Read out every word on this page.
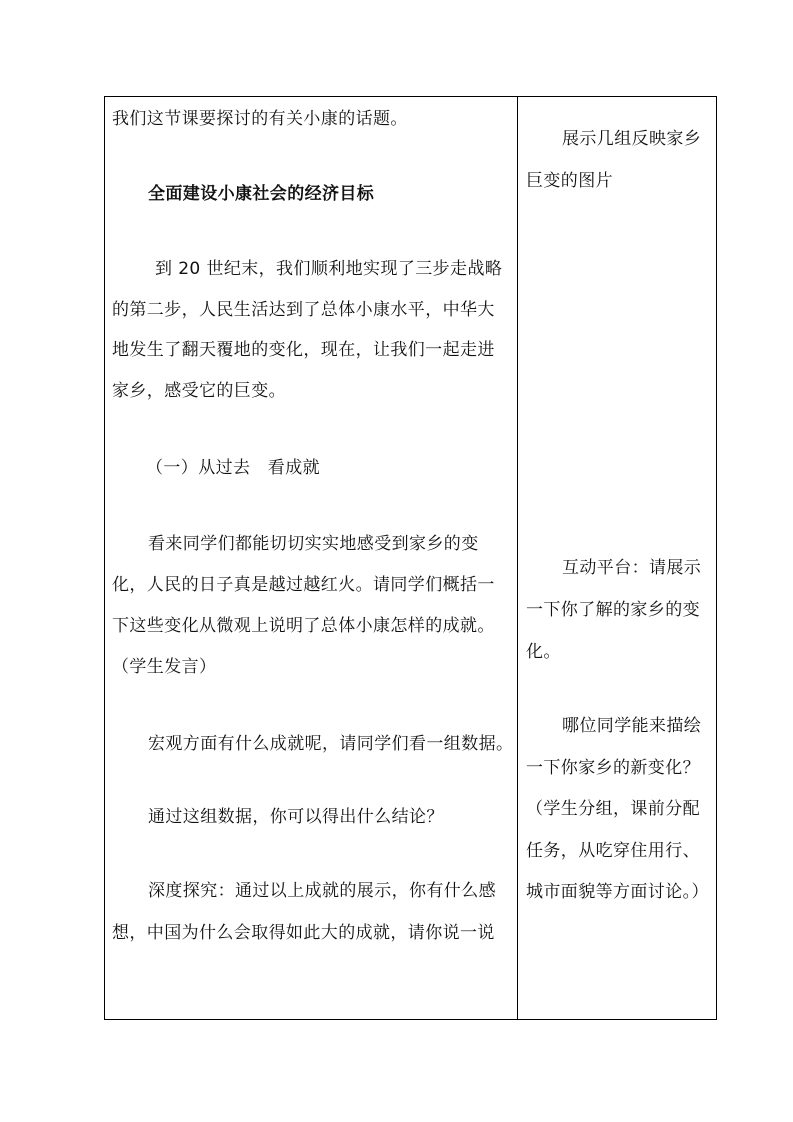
我们这节课要探讨的有关小康的话题。
全面建设小康社会的经济目标
到 20 世纪末，我们顺利地实现了三步走战略
的第二步，人民生活达到了总体小康水平，中华大
地发生了翻天覆地的变化，现在，让我们一起走进
家乡，感受它的巨变。
（一）从过去　看成就
看来同学们都能切切实实地感受到家乡的变
化，人民的日子真是越过越红火。请同学们概括一
下这些变化从微观上说明了总体小康怎样的成就。
（学生发言）
宏观方面有什么成就呢，请同学们看一组数据。
通过这组数据，你可以得出什么结论？
深度探究：通过以上成就的展示，你有什么感
想，中国为什么会取得如此大的成就，请你说一说
展示几组反映家乡
巨变的图片
互动平台：请展示
一下你了解的家乡的变
化。
哪位同学能来描绘
一下你家乡的新变化？
（学生分组，课前分配
任务，从吃穿住用行、
城市面貌等方面讨论。）
